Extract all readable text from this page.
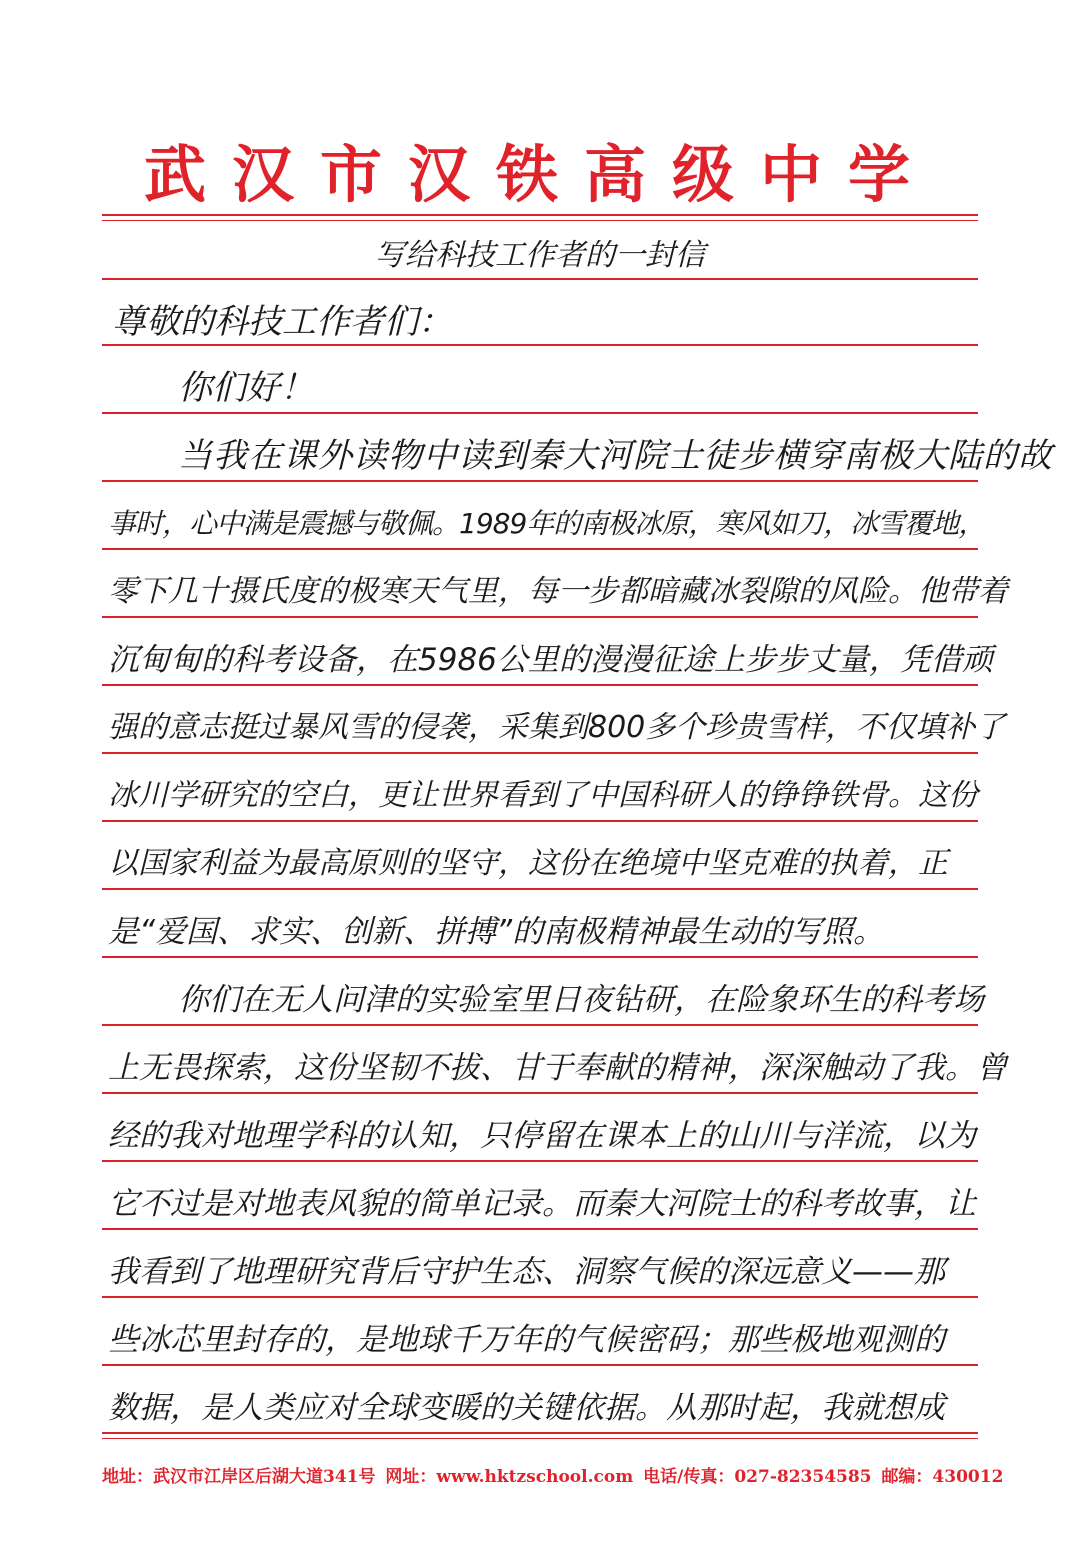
武汉市汉铁高级中学
写给科技工作者的一封信
尊敬的科技工作者们：
你们好！
当我在课外读物中读到秦大河院士徒步横穿南极大陆的故
事时，心中满是震撼与敬佩。1989年的南极冰原，寒风如刀，冰雪覆地，
零下几十摄氏度的极寒天气里，每一步都暗藏冰裂隙的风险。他带着
沉甸甸的科考设备，在5986公里的漫漫征途上步步丈量，凭借顽
强的意志挺过暴风雪的侵袭，采集到800多个珍贵雪样，不仅填补了
冰川学研究的空白，更让世界看到了中国科研人的铮铮铁骨。这份
以国家利益为最高原则的坚守，这份在绝境中坚克难的执着，正
是“爱国、求实、创新、拼搏”的南极精神最生动的写照。
你们在无人问津的实验室里日夜钻研，在险象环生的科考场
上无畏探索，这份坚韧不拔、甘于奉献的精神，深深触动了我。曾
经的我对地理学科的认知，只停留在课本上的山川与洋流，以为
它不过是对地表风貌的简单记录。而秦大河院士的科考故事，让
我看到了地理研究背后守护生态、洞察气候的深远意义——那
些冰芯里封存的，是地球千万年的气候密码；那些极地观测的
数据，是人类应对全球变暖的关键依据。从那时起，我就想成
地址：武汉市江岸区后湖大道341号 网址：www.hktzschool.com 电话/传真：027-82354585 邮编：430012
